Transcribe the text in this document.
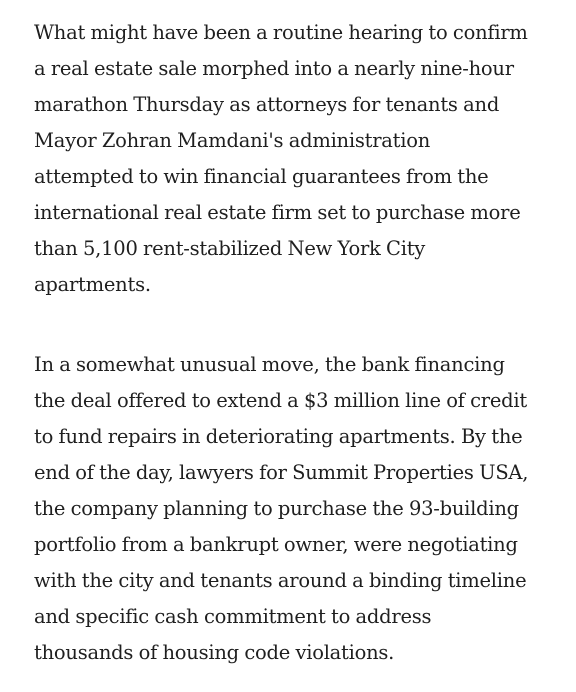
What might have been a routine hearing to confirm
a real estate sale morphed into a nearly nine-hour
marathon Thursday as attorneys for tenants and
Mayor Zohran Mamdani's administration
attempted to win financial guarantees from the
international real estate firm set to purchase more
than 5,100 rent-stabilized New York City
apartments.

In a somewhat unusual move, the bank financing
the deal offered to extend a $3 million line of credit
to fund repairs in deteriorating apartments. By the
end of the day, lawyers for Summit Properties USA,
the company planning to purchase the 93-building
portfolio from a bankrupt owner, were negotiating
with the city and tenants around a binding timeline
and specific cash commitment to address
thousands of housing code violations.
